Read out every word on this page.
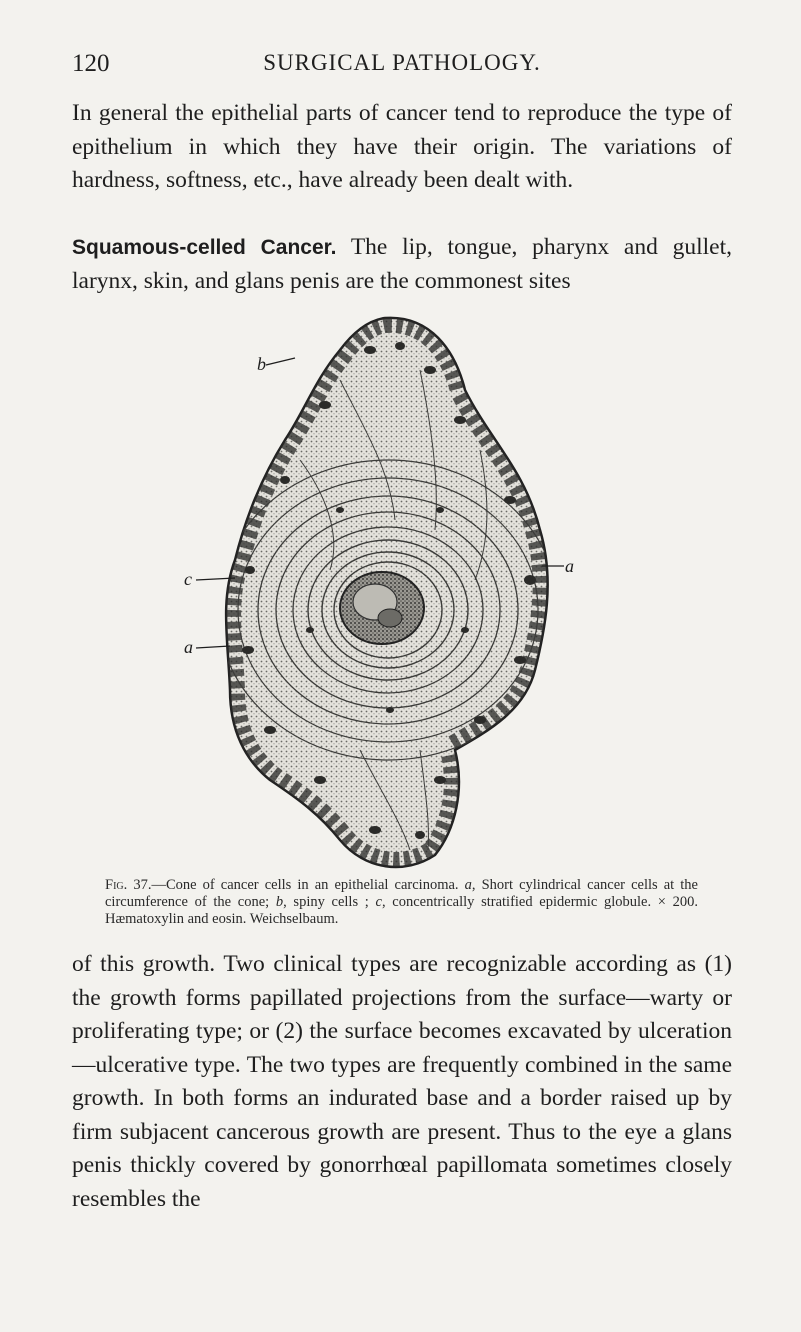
120	SURGICAL PATHOLOGY.

In general the epithelial parts of cancer tend to reproduce the type of epithelium in which they have their origin. The variations of hardness, softness, etc., have already been dealt with.

Squamous-celled Cancer. The lip, tongue, pharynx and gullet, larynx, skin, and glans penis are the commonest sites

b
c
a
a

Fig. 37.—Cone of cancer cells in an epithelial carcinoma. a, Short cylindrical cancer cells at the circumference of the cone; b, spiny cells ; c, concentrically stratified epidermic globule. × 200. Hæmatoxylin and eosin. Weichselbaum.

of this growth. Two clinical types are recognizable according as (1) the growth forms papillated projections from the surface—warty or proliferating type; or (2) the surface becomes excavated by ulceration—ulcerative type. The two types are frequently combined in the same growth. In both forms an indurated base and a border raised up by firm subjacent cancerous growth are present. Thus to the eye a glans penis thickly covered by gonorrhœal papillomata sometimes closely resembles the
